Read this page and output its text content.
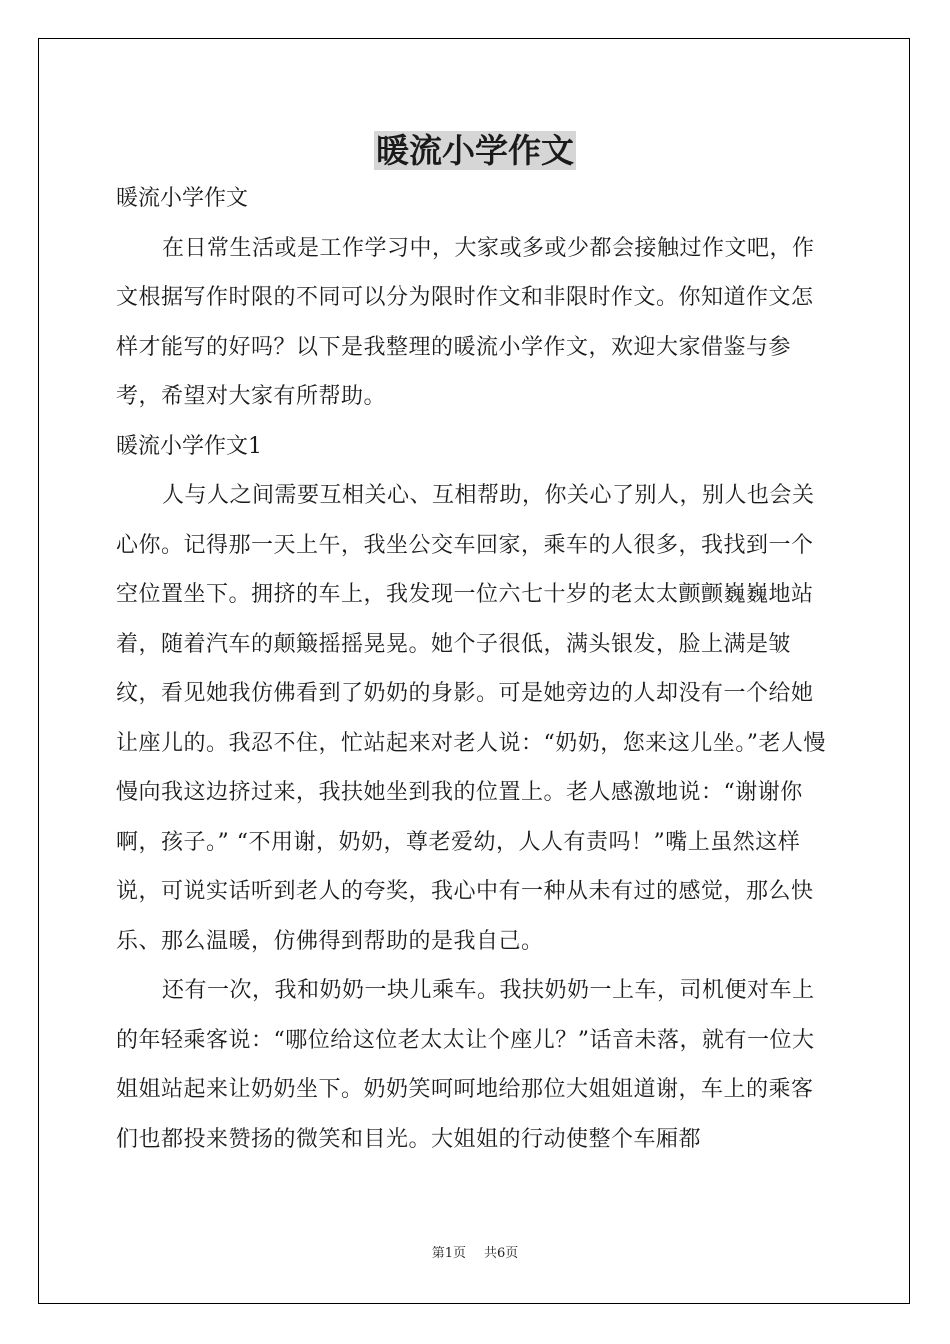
暖流小学作文

暖流小学作文

在日常生活或是工作学习中，大家或多或少都会接触过作文吧，作文根据写作时限的不同可以分为限时作文和非限时作文。你知道作文怎样才能写的好吗？以下是我整理的暖流小学作文，欢迎大家借鉴与参考，希望对大家有所帮助。

暖流小学作文1

人与人之间需要互相关心、互相帮助，你关心了别人，别人也会关心你。记得那一天上午，我坐公交车回家，乘车的人很多，我找到一个空位置坐下。拥挤的车上，我发现一位六七十岁的老太太颤颤巍巍地站着，随着汽车的颠簸摇摇晃晃。她个子很低，满头银发，脸上满是皱纹，看见她我仿佛看到了奶奶的身影。可是她旁边的人却没有一个给她让座儿的。我忍不住，忙站起来对老人说：“奶奶，您来这儿坐。”老人慢慢向我这边挤过来，我扶她坐到我的位置上。老人感激地说：“谢谢你啊，孩子。” “不用谢，奶奶，尊老爱幼，人人有责吗！”嘴上虽然这样说，可说实话听到老人的夸奖，我心中有一种从未有过的感觉，那么快乐、那么温暖，仿佛得到帮助的是我自己。

还有一次，我和奶奶一块儿乘车。我扶奶奶一上车，司机便对车上的年轻乘客说：“哪位给这位老太太让个座儿？”话音未落，就有一位大姐姐站起来让奶奶坐下。奶奶笑呵呵地给那位大姐姐道谢，车上的乘客们也都投来赞扬的微笑和目光。大姐姐的行动使整个车厢都

第1页 共6页
